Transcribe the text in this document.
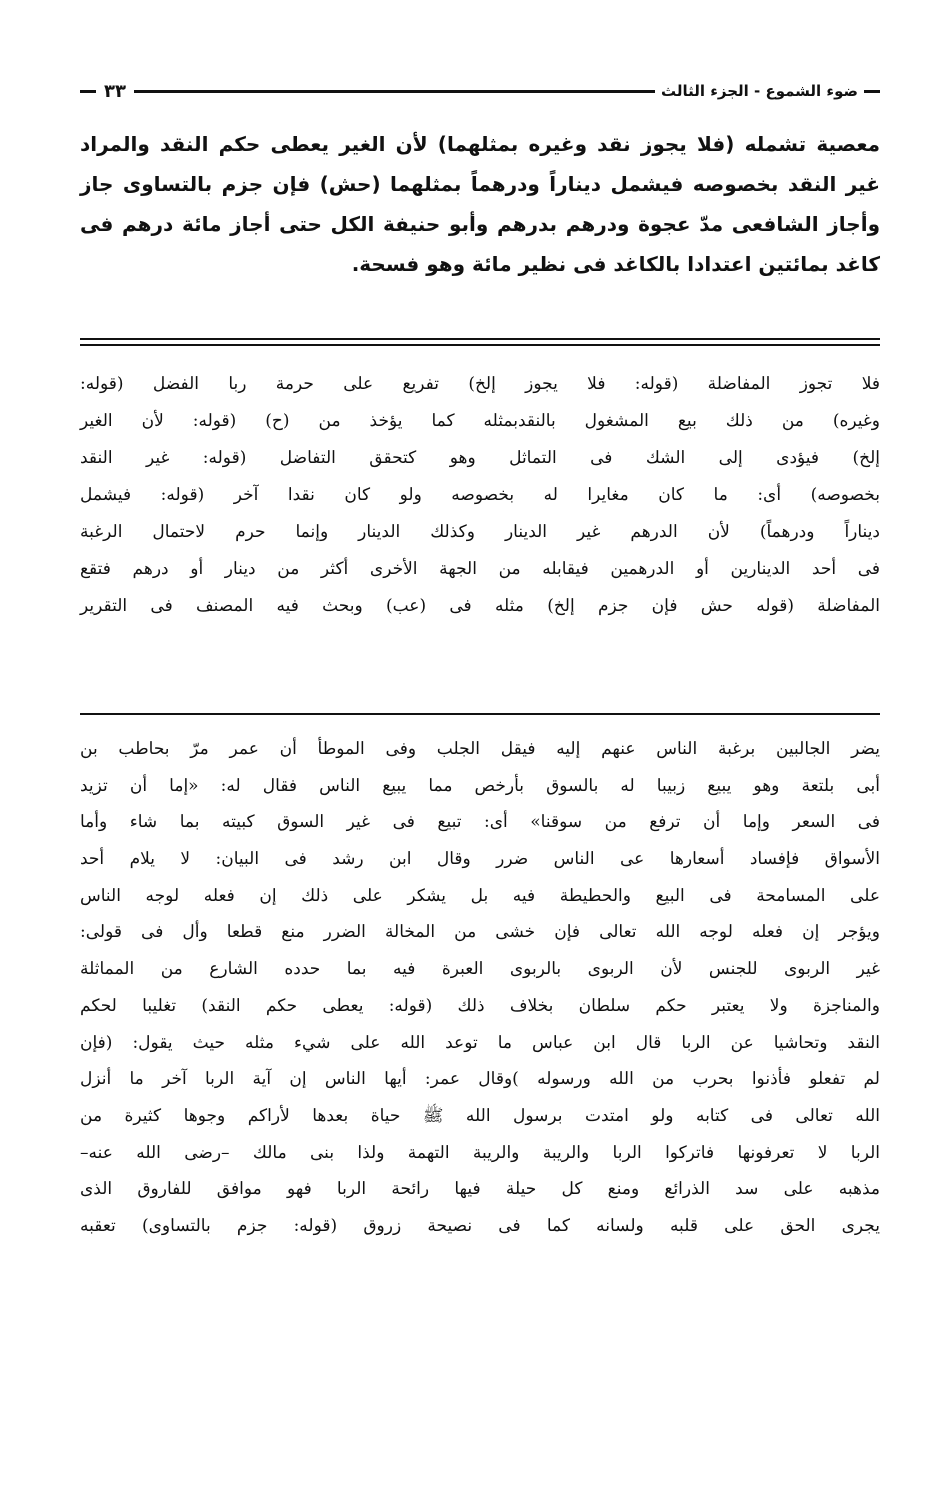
ضوء الشموع - الجزء الثالث
٣٣
معصية تشمله (فلا يجوز نقد وغيره بمثلهما) لأن الغير يعطى حكم النقد والمراد
غير النقد بخصوصه فيشمل ديناراً ودرهماً بمثلهما (حش) فإن جزم بالتساوى جاز
وأجاز الشافعى مدّ عجوة ودرهم بدرهم وأبو حنيفة الكل حتى أجاز مائة درهم فى
كاغد بمائتين اعتدادا بالكاغد فى نظير مائة وهو فسحة.
فلا تجوز المفاضلة (قوله: فلا يجوز إلخ) تفريع على حرمة ربا الفضل (قوله:
وغيره) من ذلك بيع المشغول بالنقدبمثله كما يؤخذ من (ح) (قوله: لأن الغير
إلخ) فيؤدى إلى الشك فى التماثل وهو كتحقق التفاضل (قوله: غير النقد
بخصوصه) أى: ما كان مغايرا له بخصوصه ولو كان نقدا آخر (قوله: فيشمل
ديناراً ودرهماً) لأن الدرهم غير الدينار وكذلك الدينار وإنما حرم لاحتمال الرغبة
فى أحد الدينارين أو الدرهمين فيقابله من الجهة الأخرى أكثر من دينار أو درهم فتقع
المفاضلة (قوله حش فإن جزم إلخ) مثله فى (عب) وبحث فيه المصنف فى التقرير
يضر الجالبين برغبة الناس عنهم إليه فيقل الجلب وفى الموطأ أن عمر مرّ بحاطب بن
أبى بلتعة وهو يبيع زبيبا له بالسوق بأرخص مما يبيع الناس فقال له: «إما أن تزيد
فى السعر وإما أن ترفع من سوقنا» أى: تبيع فى غير السوق كبيته بما شاء وأما
الأسواق فإفساد أسعارها عى الناس ضرر وقال ابن رشد فى البيان: لا يلام أحد
على المسامحة فى البيع والحطيطة فيه بل يشكر على ذلك إن فعله لوجه الناس
ويؤجر إن فعله لوجه الله تعالى فإن خشى من المخالة الضرر منع قطعا وأل فى قولى:
غير الربوى للجنس لأن الربوى بالربوى العبرة فيه بما حدده الشارع من المماثلة
والمناجزة ولا يعتبر حكم سلطان بخلاف ذلك (قوله: يعطى حكم النقد) تغليبا لحكم
النقد وتحاشيا عن الربا قال ابن عباس ما توعد الله على شيء مثله حيث يقول: (فإن
لم تفعلو فأذنوا بحرب من الله ورسوله )وقال عمر: أيها الناس إن آية الربا آخر ما أنزل
الله تعالى فى كتابه ولو امتدت برسول الله ﷺ حياة بعدها لأراكم وجوها كثيرة من
الربا لا تعرفونها فاتركوا الربا والريبة والريبة التهمة ولذا بنى مالك –رضى الله عنه–
مذهبه على سد الذرائع ومنع كل حيلة فيها رائحة الربا فهو موافق للفاروق الذى
يجرى الحق على قلبه ولسانه كما فى نصيحة زروق (قوله: جزم بالتساوى) تعقبه
